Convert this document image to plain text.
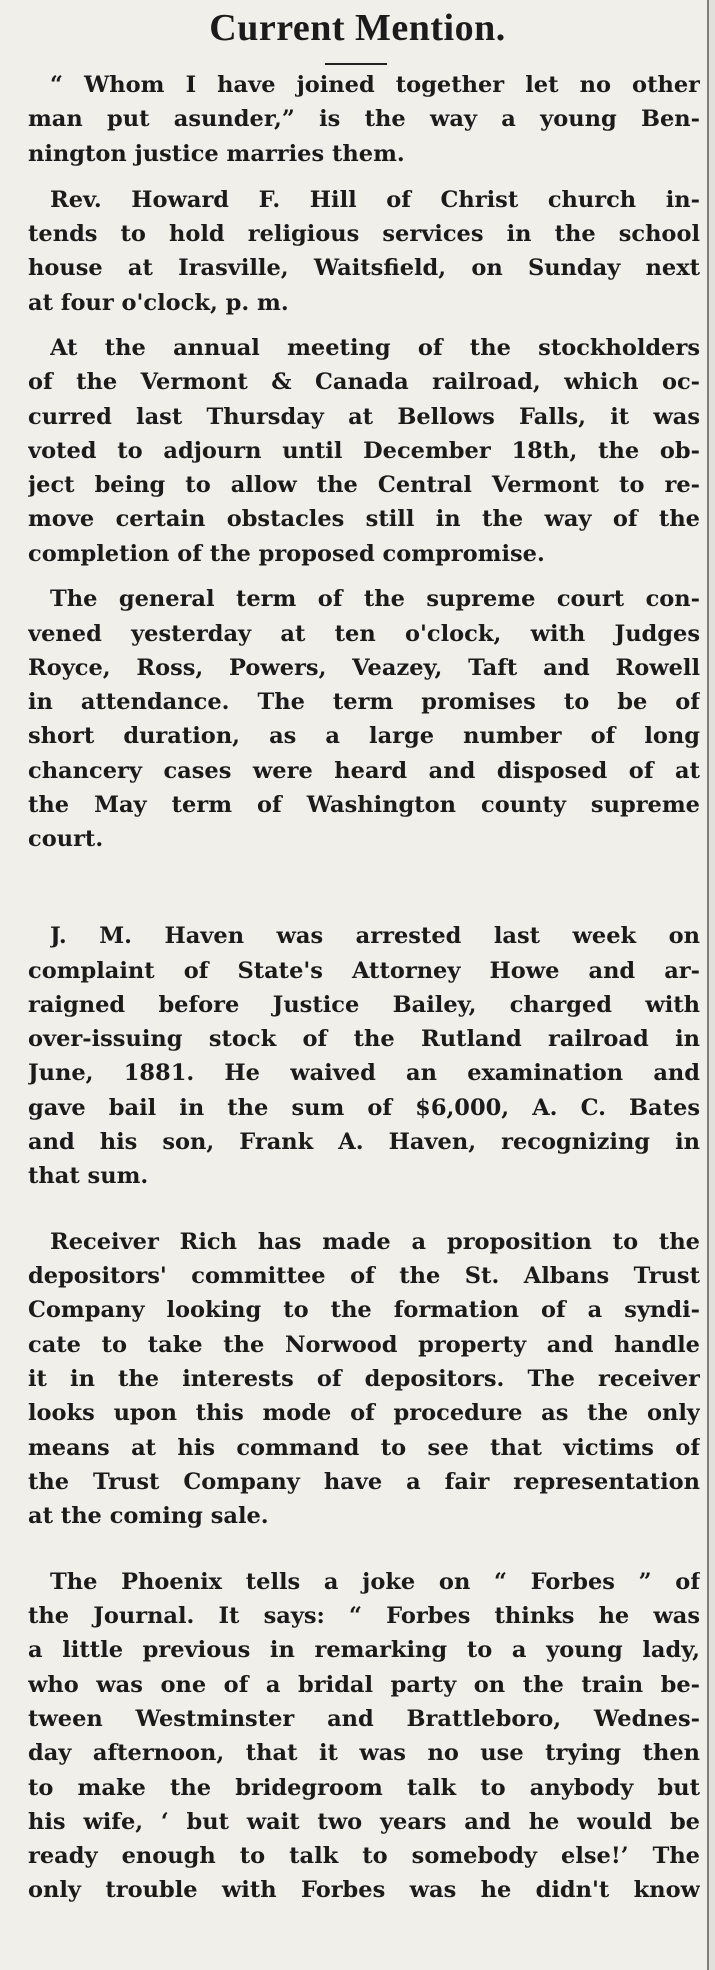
Current Mention.
“ Whom I have joined together let no other
man put asunder,” is the way a young Ben-
nington justice marries them.
Rev. Howard F. Hill of Christ church in-
tends to hold religious services in the school
house at Irasville, Waitsfield, on Sunday next
at four o'clock, p. m.
At the annual meeting of the stockholders
of the Vermont & Canada railroad, which oc-
curred last Thursday at Bellows Falls, it was
voted to adjourn until December 18th, the ob-
ject being to allow the Central Vermont to re-
move certain obstacles still in the way of the
completion of the proposed compromise.
The general term of the supreme court con-
vened yesterday at ten o'clock, with Judges
Royce, Ross, Powers, Veazey, Taft and Rowell
in attendance. The term promises to be of
short duration, as a large number of long
chancery cases were heard and disposed of at
the May term of Washington county supreme
court.
J. M. Haven was arrested last week on
complaint of State's Attorney Howe and ar-
raigned before Justice Bailey, charged with
over-issuing stock of the Rutland railroad in
June, 1881. He waived an examination and
gave bail in the sum of $6,000, A. C. Bates
and his son, Frank A. Haven, recognizing in
that sum.
Receiver Rich has made a proposition to the
depositors' committee of the St. Albans Trust
Company looking to the formation of a syndi-
cate to take the Norwood property and handle
it in the interests of depositors. The receiver
looks upon this mode of procedure as the only
means at his command to see that victims of
the Trust Company have a fair representation
at the coming sale.
The Phoenix tells a joke on “ Forbes ” of
the Journal. It says: “ Forbes thinks he was
a little previous in remarking to a young lady,
who was one of a bridal party on the train be-
tween Westminster and Brattleboro, Wednes-
day afternoon, that it was no use trying then
to make the bridegroom talk to anybody but
his wife, ‘ but wait two years and he would be
ready enough to talk to somebody else!’ The
only trouble with Forbes was he didn't know
